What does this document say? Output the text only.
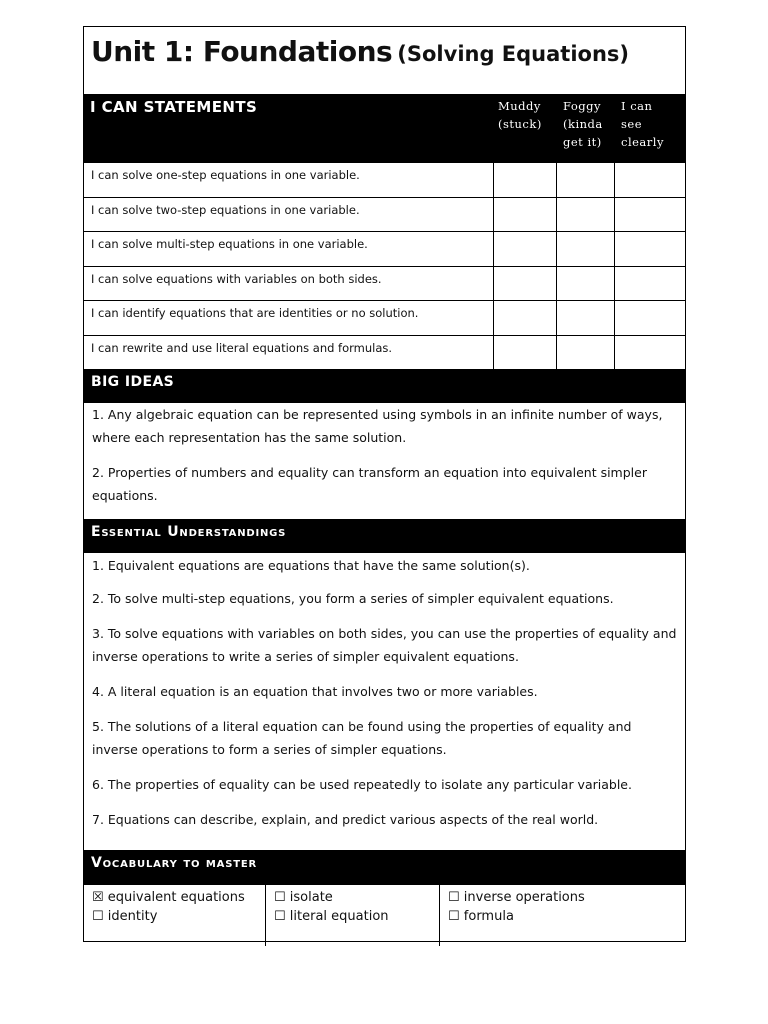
Unit 1: Foundations (Solving Equations)
I CAN STATEMENTS	Muddy
(stuck)
Foggy
(kinda
get it)
I can
see
clearly
I can solve one-step equations in one variable.
I can solve two-step equations in one variable.
I can solve multi-step equations in one variable.
I can solve equations with variables on both sides.
I can identify equations that are identities or no solution.
I can rewrite and use literal equations and formulas.
BIG IDEAS
1. Any algebraic equation can be represented using symbols in an infinite number of ways, where each representation has the same solution.
2. Properties of numbers and equality can transform an equation into equivalent simpler equations.
Essential Understandings
1. Equivalent equations are equations that have the same solution(s).
2. To solve multi-step equations, you form a series of simpler equivalent equations.
3. To solve equations with variables on both sides, you can use the properties of equality and inverse operations to write a series of simpler equivalent equations.
4. A literal equation is an equation that involves two or more variables.
5. The solutions of a literal equation can be found using the properties of equality and inverse operations to form a series of simpler equations.
6. The properties of equality can be used repeatedly to isolate any particular variable.
7. Equations can describe, explain, and predict various aspects of the real world.
Vocabulary to master
☒ equivalent equations
☐ identity
☐ isolate
☐ literal equation
☐ inverse operations
☐ formula
